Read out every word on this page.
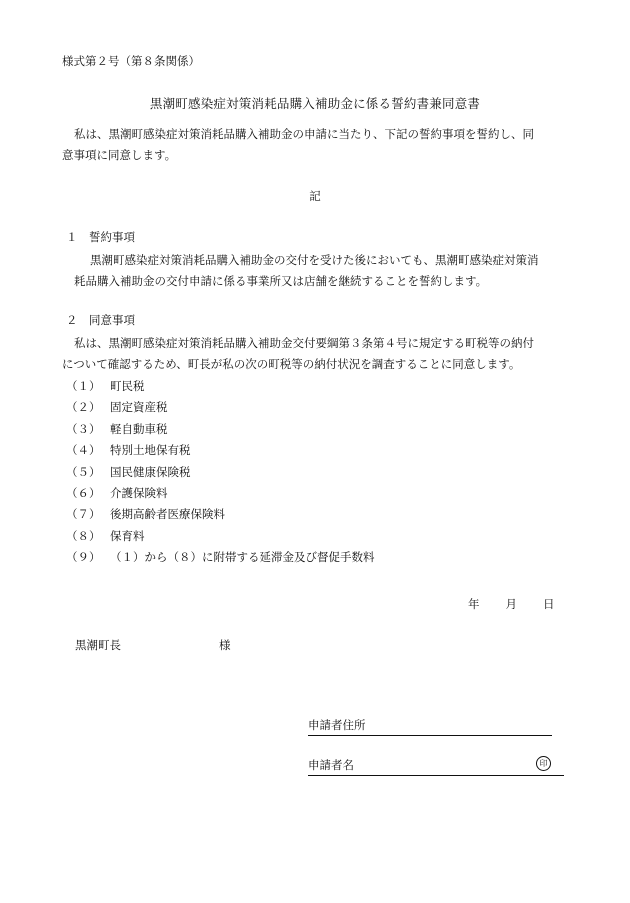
様式第２号（第８条関係）
黒潮町感染症対策消耗品購入補助金に係る誓約書兼同意書
私は、黒潮町感染症対策消耗品購入補助金の申請に当たり、下記の誓約事項を誓約し、同
意事項に同意します。
記
１　誓約事項
黒潮町感染症対策消耗品購入補助金の交付を受けた後においても、黒潮町感染症対策消
耗品購入補助金の交付申請に係る事業所又は店舗を継続することを誓約します。
２　同意事項
私は、黒潮町感染症対策消耗品購入補助金交付要綱第３条第４号に規定する町税等の納付
について確認するため、町長が私の次の町税等の納付状況を調査することに同意します。
（１） 町民税
（２） 固定資産税
（３） 軽自動車税
（４） 特別土地保有税
（５） 国民健康保険税
（６） 介護保険料
（７） 後期高齢者医療保険料
（８） 保育料
（９） （１）から（８）に附帯する延滞金及び督促手数料
年 月 日
黒潮町長	様
申請者住所
申請者名	印
